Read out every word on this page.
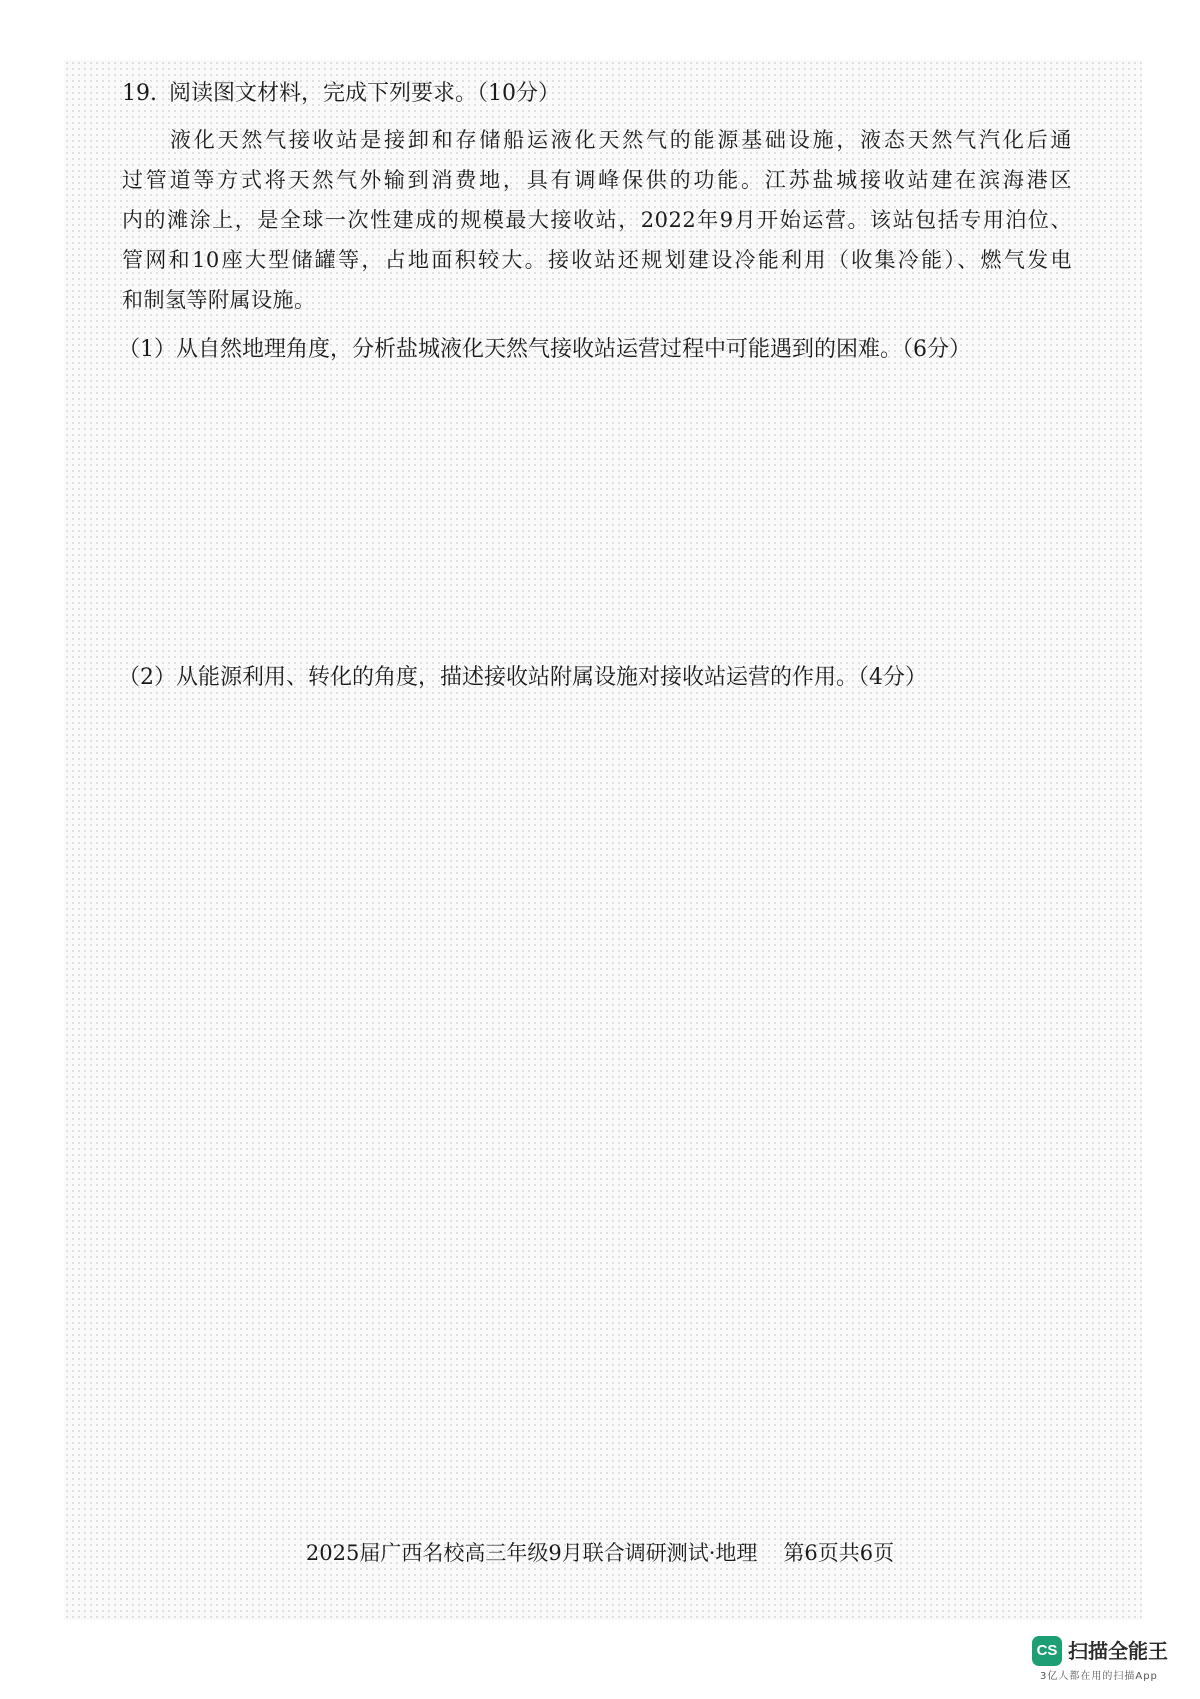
19. 阅读图文材料，完成下列要求。（10分）
液化天然气接收站是接卸和存储船运液化天然气的能源基础设施，液态天然气汽化后通
过管道等方式将天然气外输到消费地，具有调峰保供的功能。江苏盐城接收站建在滨海港区
内的滩涂上，是全球一次性建成的规模最大接收站，2022年9月开始运营。该站包括专用泊位、
管网和10座大型储罐等，占地面积较大。接收站还规划建设冷能利用（收集冷能）、燃气发电
和制氢等附属设施。
（1）从自然地理角度，分析盐城液化天然气接收站运营过程中可能遇到的困难。（6分）
（2）从能源利用、转化的角度，描述接收站附属设施对接收站运营的作用。（4分）
2025届广西名校高三年级9月联合调研测试·地理 第6页共6页
CS 扫描全能王
3亿人都在用的扫描App
